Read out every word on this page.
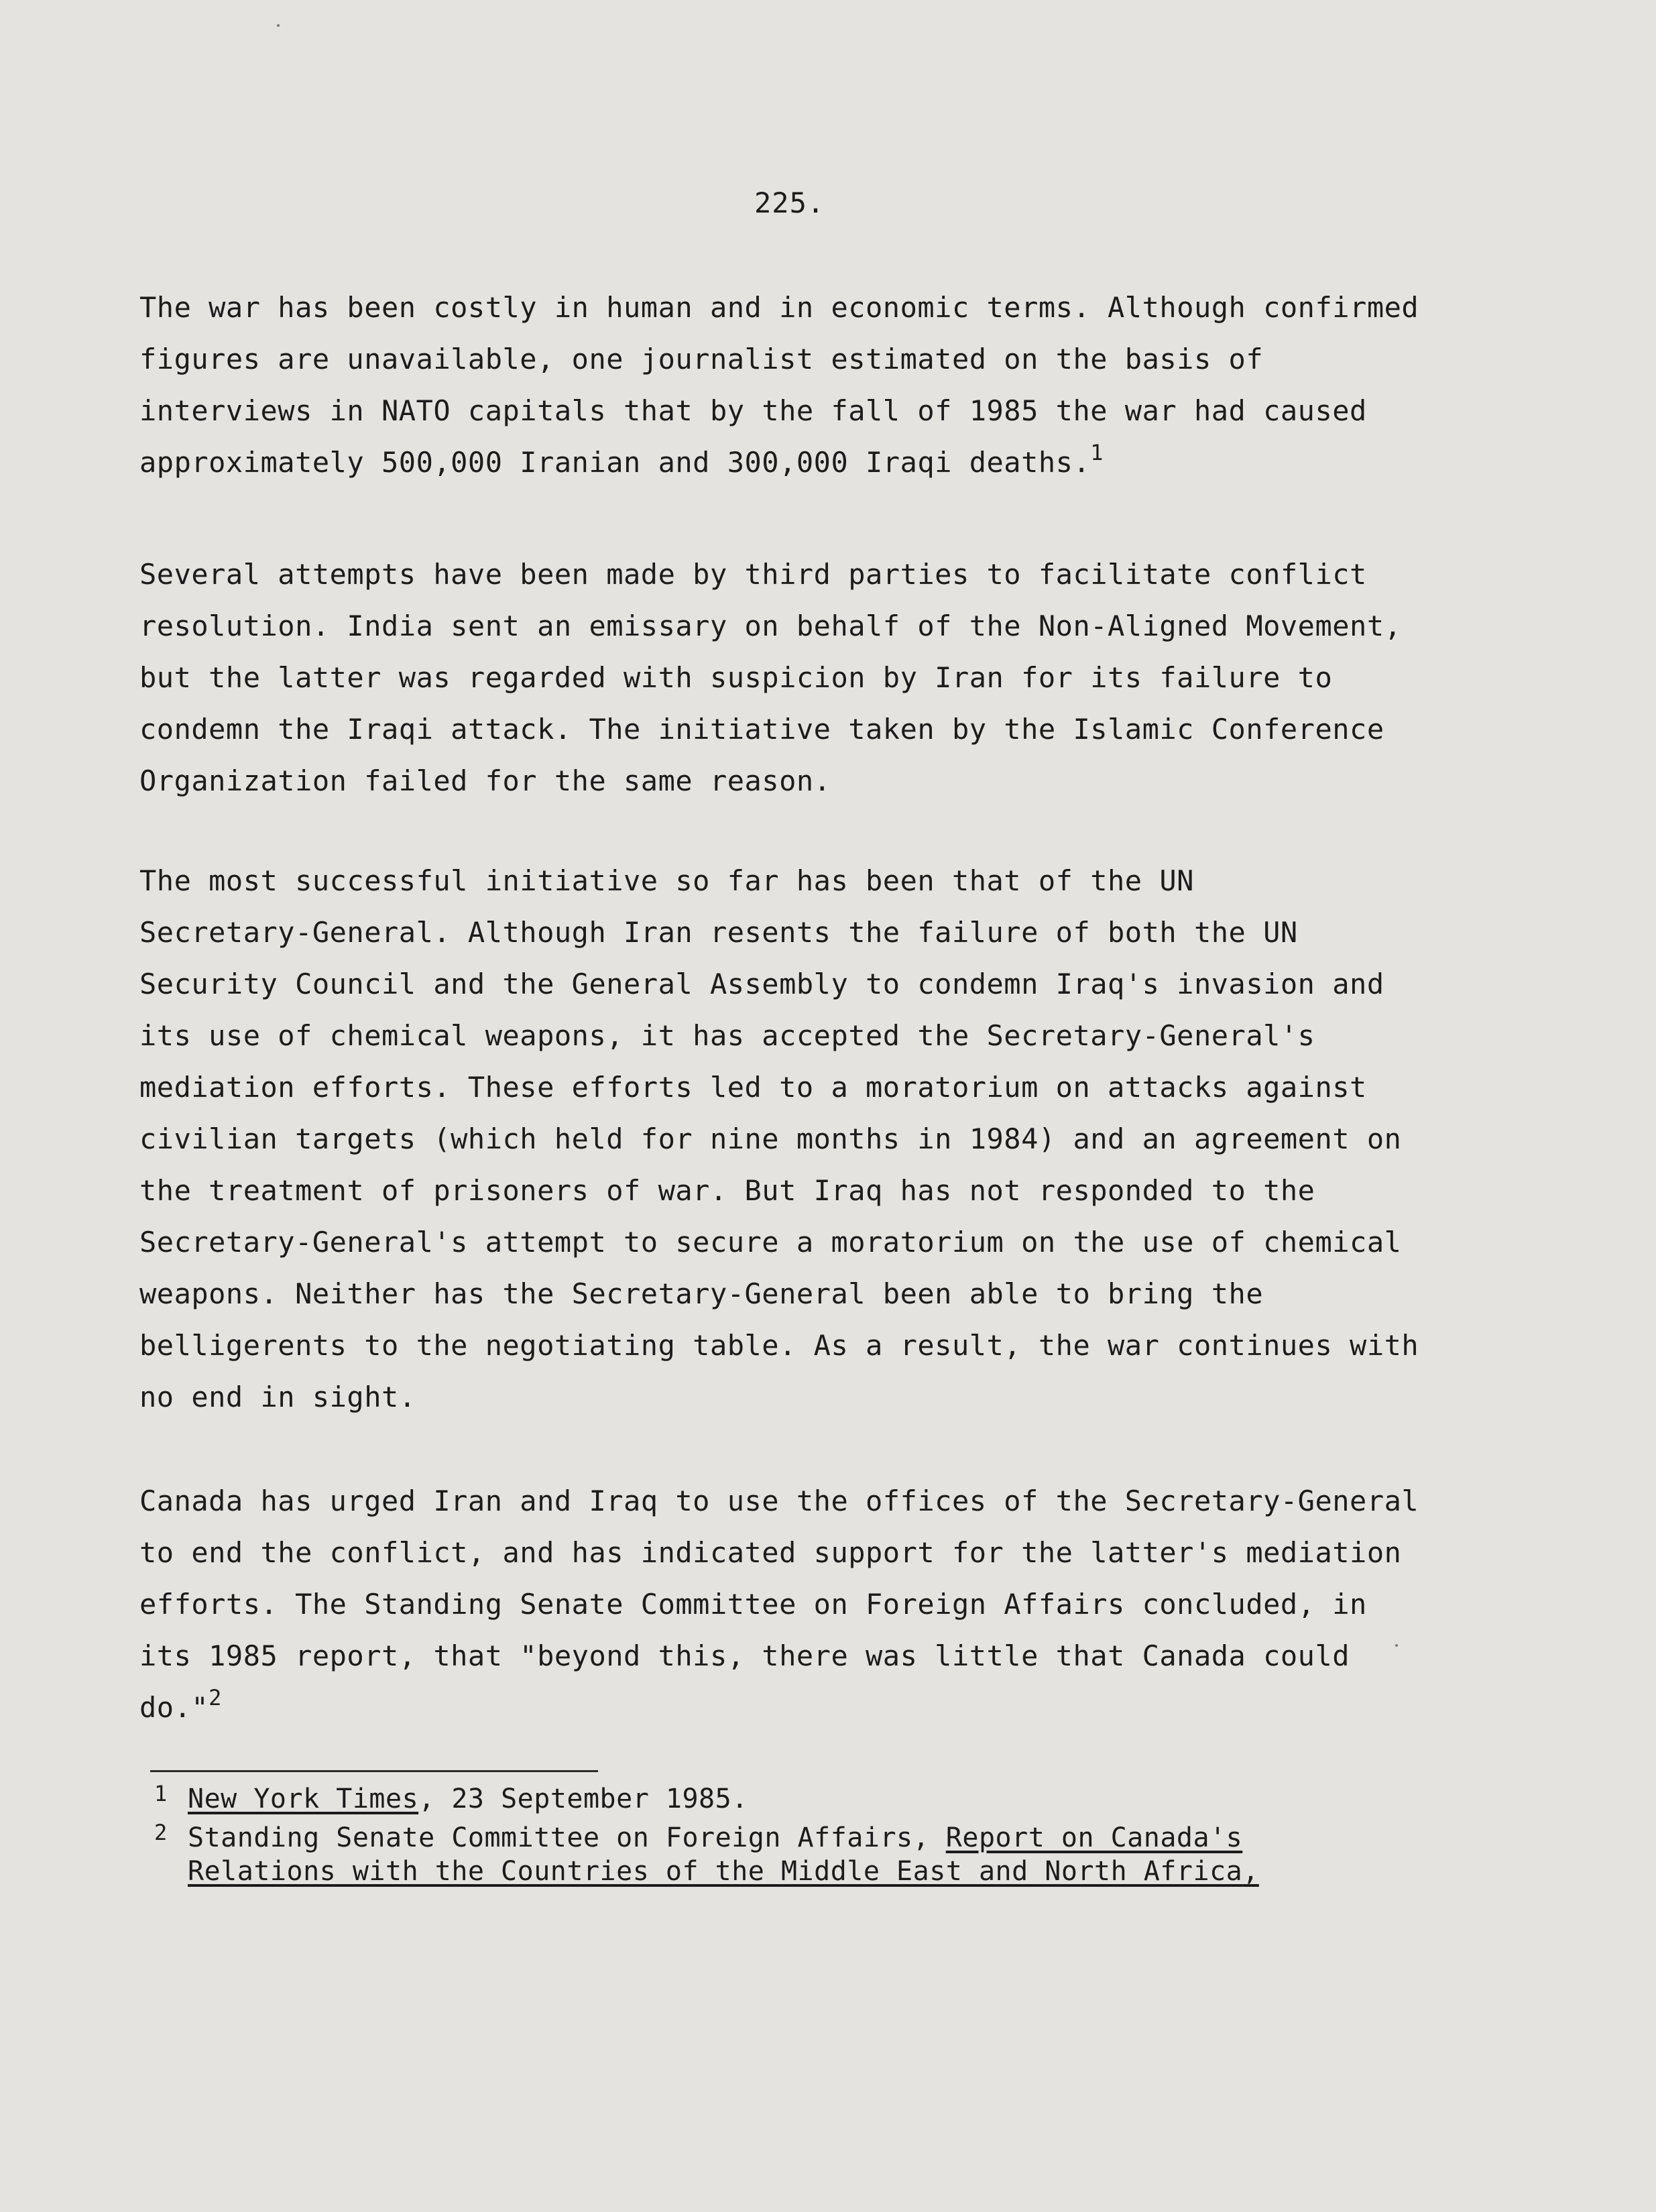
225.
The war has been costly in human and in economic terms. Although confirmed
figures are unavailable, one journalist estimated on the basis of
interviews in NATO capitals that by the fall of 1985 the war had caused
approximately 500,000 Iranian and 300,000 Iraqi deaths.$^1$
Several attempts have been made by third parties to facilitate conflict
resolution. India sent an emissary on behalf of the Non-Aligned Movement,
but the latter was regarded with suspicion by Iran for its failure to
condemn the Iraqi attack. The initiative taken by the Islamic Conference
Organization failed for the same reason.
The most successful initiative so far has been that of the UN
Secretary-General. Although Iran resents the failure of both the UN
Security Council and the General Assembly to condemn Iraq's invasion and
its use of chemical weapons, it has accepted the Secretary-General's
mediation efforts. These efforts led to a moratorium on attacks against
civilian targets (which held for nine months in 1984) and an agreement on
the treatment of prisoners of war. But Iraq has not responded to the
Secretary-General's attempt to secure a moratorium on the use of chemical
weapons. Neither has the Secretary-General been able to bring the
belligerents to the negotiating table. As a result, the war continues with
no end in sight.
Canada has urged Iran and Iraq to use the offices of the Secretary-General
to end the conflict, and has indicated support for the latter's mediation
efforts. The Standing Senate Committee on Foreign Affairs concluded, in
its 1985 report, that "beyond this, there was little that Canada could
do."$^2$
1 New York Times, 23 September 1985.
2 Standing Senate Committee on Foreign Affairs, Report on Canada's
Relations with the Countries of the Middle East and North Africa,
